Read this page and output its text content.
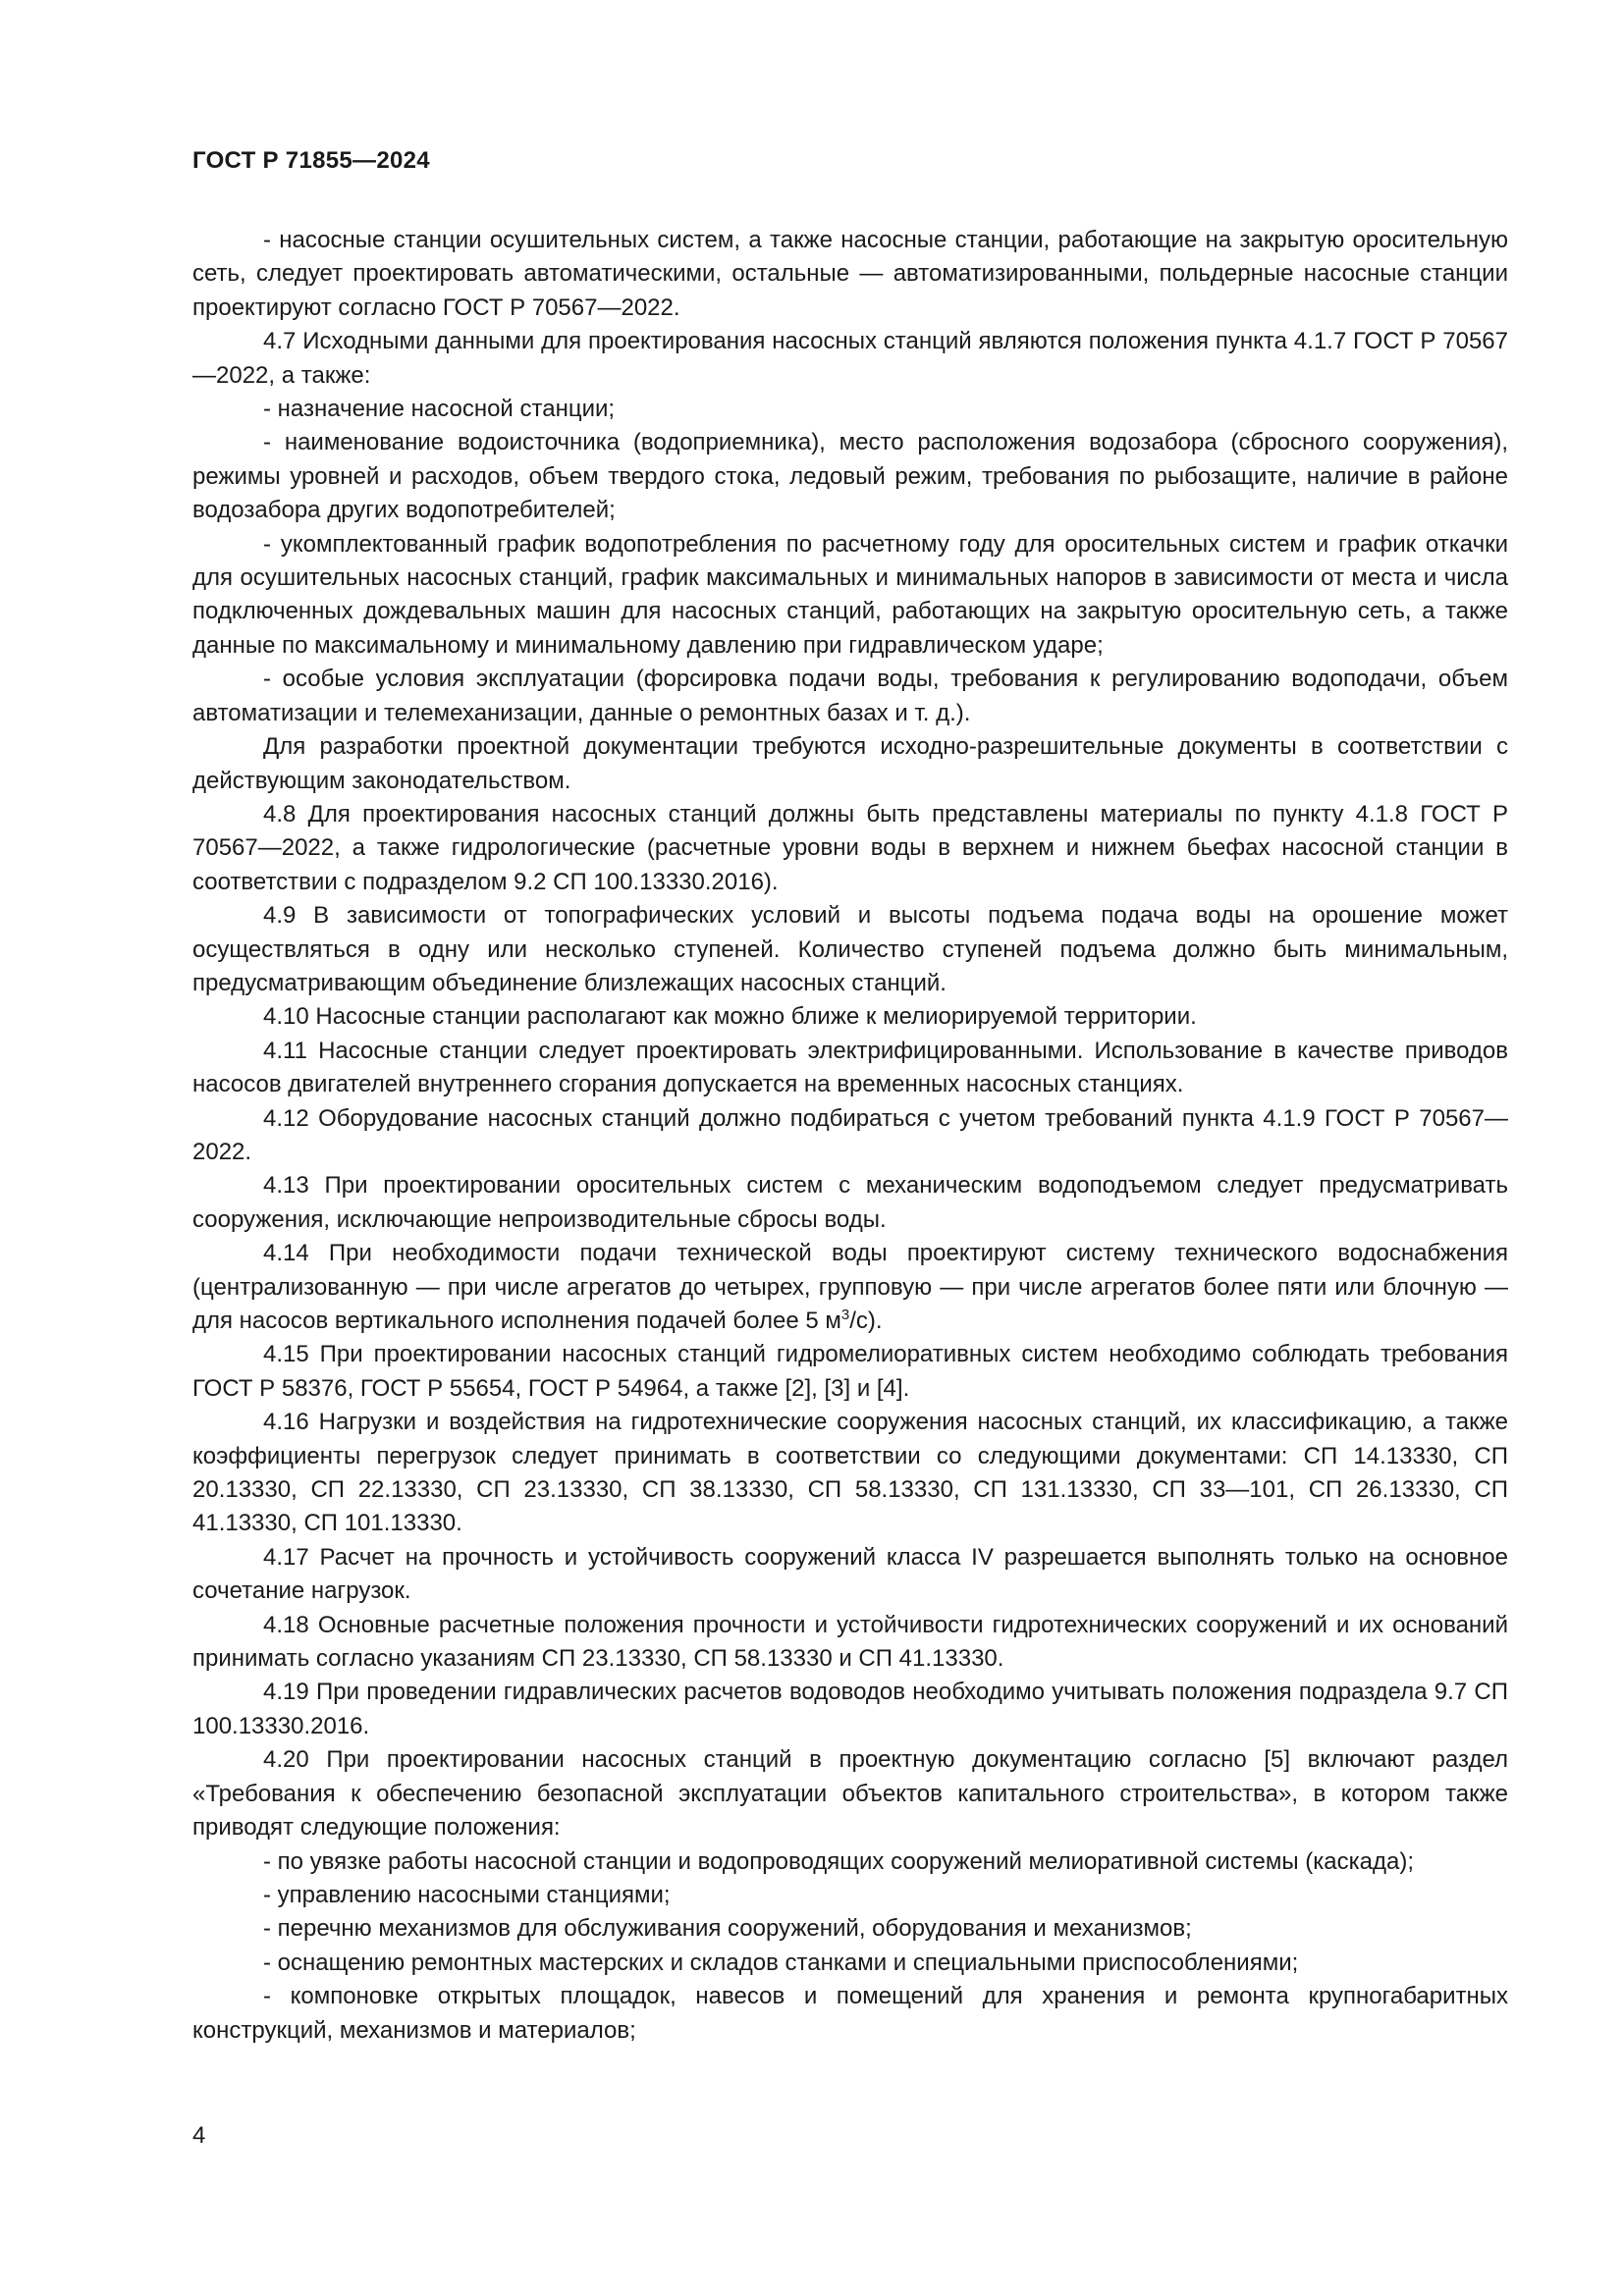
ГОСТ Р 71855—2024

- насосные станции осушительных систем, а также насосные станции, работающие на закрытую оросительную сеть, следует проектировать автоматическими, остальные — автоматизированными, польдерные насосные станции проектируют согласно ГОСТ Р 70567—2022.

4.7 Исходными данными для проектирования насосных станций являются положения пункта 4.1.7 ГОСТ Р 70567—2022, а также:

- назначение насосной станции;

- наименование водоисточника (водоприемника), место расположения водозабора (сбросного сооружения), режимы уровней и расходов, объем твердого стока, ледовый режим, требования по рыбозащите, наличие в районе водозабора других водопотребителей;

- укомплектованный график водопотребления по расчетному году для оросительных систем и график откачки для осушительных насосных станций, график максимальных и минимальных напоров в зависимости от места и числа подключенных дождевальных машин для насосных станций, работающих на закрытую оросительную сеть, а также данные по максимальному и минимальному давлению при гидравлическом ударе;

- особые условия эксплуатации (форсировка подачи воды, требования к регулированию водоподачи, объем автоматизации и телемеханизации, данные о ремонтных базах и т. д.).

Для разработки проектной документации требуются исходно-разрешительные документы в соответствии с действующим законодательством.

4.8 Для проектирования насосных станций должны быть представлены материалы по пункту 4.1.8 ГОСТ Р 70567—2022, а также гидрологические (расчетные уровни воды в верхнем и нижнем бьефах насосной станции в соответствии с подразделом 9.2 СП 100.13330.2016).

4.9 В зависимости от топографических условий и высоты подъема подача воды на орошение может осуществляться в одну или несколько ступеней. Количество ступеней подъема должно быть минимальным, предусматривающим объединение близлежащих насосных станций.

4.10 Насосные станции располагают как можно ближе к мелиорируемой территории.

4.11 Насосные станции следует проектировать электрифицированными. Использование в качестве приводов насосов двигателей внутреннего сгорания допускается на временных насосных станциях.

4.12 Оборудование насосных станций должно подбираться с учетом требований пункта 4.1.9 ГОСТ Р 70567—2022.

4.13 При проектировании оросительных систем с механическим водоподъемом следует предусматривать сооружения, исключающие непроизводительные сбросы воды.

4.14 При необходимости подачи технической воды проектируют систему технического водоснабжения (централизованную — при числе агрегатов до четырех, групповую — при числе агрегатов более пяти или блочную — для насосов вертикального исполнения подачей более 5 $м^3/с$).

4.15 При проектировании насосных станций гидромелиоративных систем необходимо соблюдать требования ГОСТ Р 58376, ГОСТ Р 55654, ГОСТ Р 54964, а также [2], [3] и [4].

4.16 Нагрузки и воздействия на гидротехнические сооружения насосных станций, их классификацию, а также коэффициенты перегрузок следует принимать в соответствии со следующими документами: СП 14.13330, СП 20.13330, СП 22.13330, СП 23.13330, СП 38.13330, СП 58.13330, СП 131.13330, СП 33—101, СП 26.13330, СП 41.13330, СП 101.13330.

4.17 Расчет на прочность и устойчивость сооружений класса IV разрешается выполнять только на основное сочетание нагрузок.

4.18 Основные расчетные положения прочности и устойчивости гидротехнических сооружений и их оснований принимать согласно указаниям СП 23.13330, СП 58.13330 и СП 41.13330.

4.19 При проведении гидравлических расчетов водоводов необходимо учитывать положения подраздела 9.7 СП 100.13330.2016.

4.20 При проектировании насосных станций в проектную документацию согласно [5] включают раздел «Требования к обеспечению безопасной эксплуатации объектов капитального строительства», в котором также приводят следующие положения:

- по увязке работы насосной станции и водопроводящих сооружений мелиоративной системы (каскада);

- управлению насосными станциями;

- перечню механизмов для обслуживания сооружений, оборудования и механизмов;

- оснащению ремонтных мастерских и складов станками и специальными приспособлениями;

- компоновке открытых площадок, навесов и помещений для хранения и ремонта крупногабаритных конструкций, механизмов и материалов;

4
